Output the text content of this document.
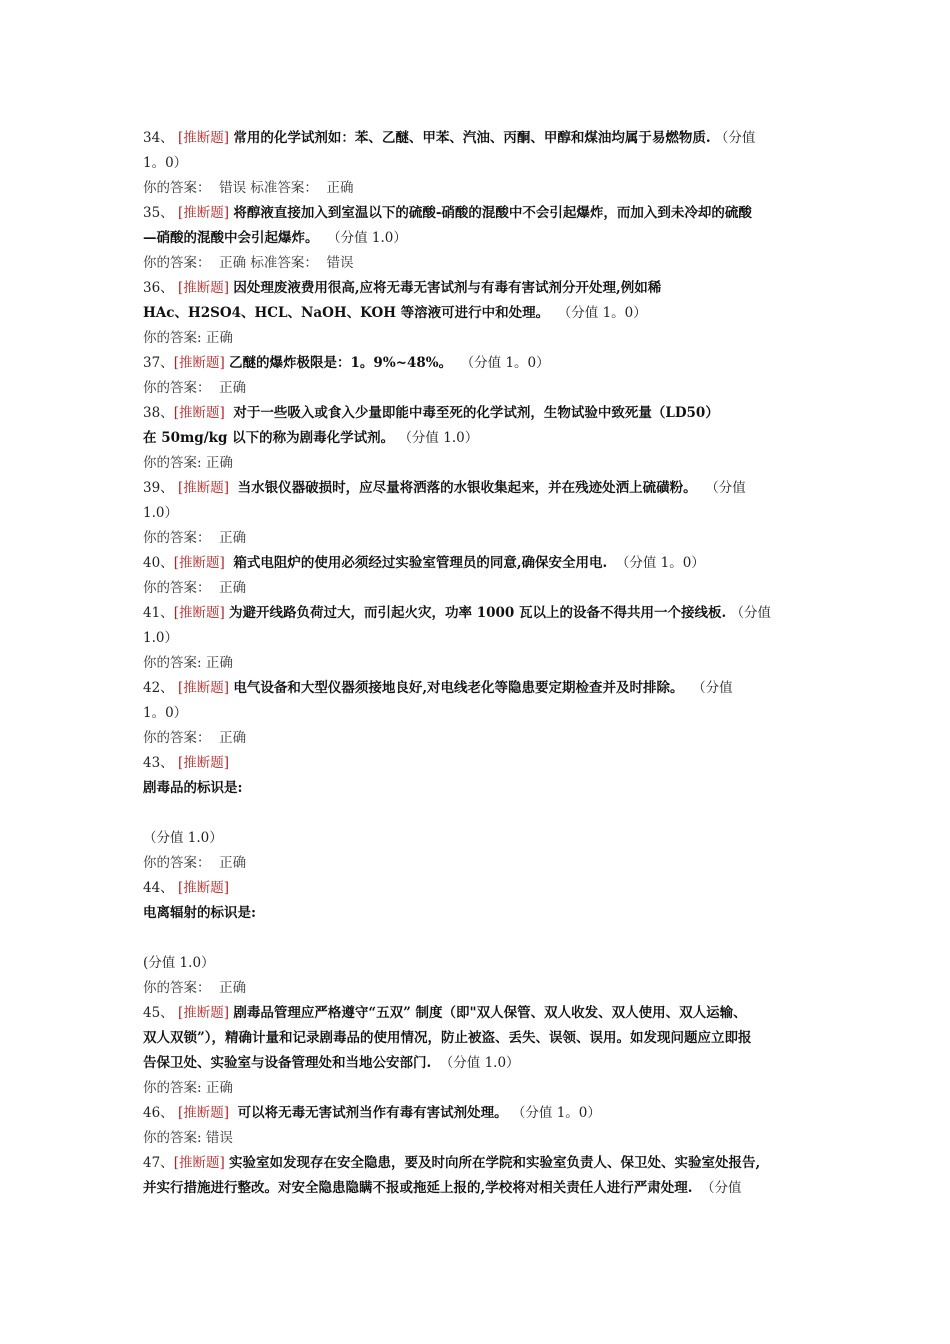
34、 [推断题] 常用的化学试剂如：苯、乙醚、甲苯、汽油、丙酮、甲醇和煤油均属于易燃物质. （分值
1。0）
你的答案： 错误 标准答案： 正确
35、 [推断题] 将醇液直接加入到室温以下的硫酸-硝酸的混酸中不会引起爆炸，而加入到未冷却的硫酸
—硝酸的混酸中会引起爆炸。 （分值 1.0）
你的答案： 正确 标准答案： 错误
36、 [推断题] 因处理废液费用很高,应将无毒无害试剂与有毒有害试剂分开处理,例如稀
HAc、H2SO4、HCL、NaOH、KOH 等溶液可进行中和处理。 （分值 1。0）
你的答案: 正确
37、[推断题] 乙醚的爆炸极限是：1。9%~48%。 （分值 1。0）
你的答案： 正确
38、[推断题] 对于一些吸入或食入少量即能中毒至死的化学试剂，生物试验中致死量（LD50）
在 50mg/kg 以下的称为剧毒化学试剂。 （分值 1.0）
你的答案: 正确
39、 [推断题] 当水银仪器破损时，应尽量将洒落的水银收集起来，并在残迹处洒上硫磺粉。 （分值
1.0）
你的答案： 正确
40、[推断题] 箱式电阻炉的使用必须经过实验室管理员的同意,确保安全用电. （分值 1。0）
你的答案： 正确
41、[推断题] 为避开线路负荷过大，而引起火灾，功率 1000 瓦以上的设备不得共用一个接线板. （分值
1.0）
你的答案: 正确
42、 [推断题] 电气设备和大型仪器须接地良好,对电线老化等隐患要定期检查并及时排除。 （分值
1。0）
你的答案： 正确
43、 [推断题]
剧毒品的标识是:
（分值 1.0）
你的答案： 正确
44、 [推断题]
电离辐射的标识是:
(分值 1.0）
你的答案： 正确
45、 [推断题] 剧毒品管理应严格遵守“五双” 制度（即"双人保管、双人收发、双人使用、双人运输、
双人双锁”），精确计量和记录剧毒品的使用情况，防止被盗、丢失、误领、误用。如发现问题应立即报
告保卫处、实验室与设备管理处和当地公安部门. （分值 1.0）
你的答案: 正确
46、 [推断题] 可以将无毒无害试剂当作有毒有害试剂处理。 （分值 1。0）
你的答案: 错误
47、[推断题] 实验室如发现存在安全隐患，要及时向所在学院和实验室负责人、保卫处、实验室处报告,
并实行措施进行整改。对安全隐患隐瞒不报或拖延上报的,学校将对相关责任人进行严肃处理. （分值
